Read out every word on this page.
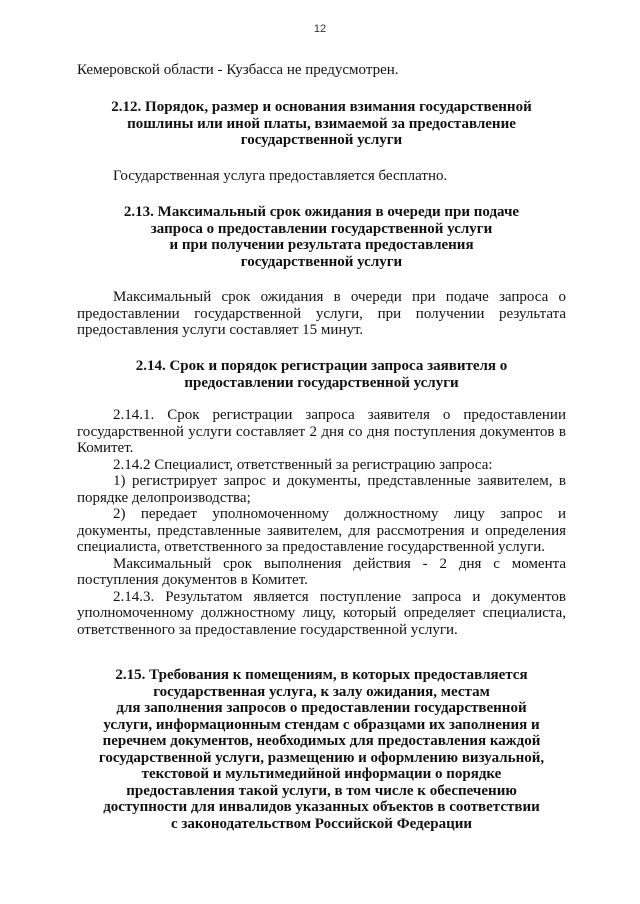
12
Кемеровской области - Кузбасса не предусмотрен.
2.12. Порядок, размер и основания взимания государственной
пошлины или иной платы, взимаемой за предоставление
государственной услуги
Государственная услуга предоставляется бесплатно.
2.13. Максимальный срок ожидания в очереди при подаче
запроса о предоставлении государственной услуги
и при получении результата предоставления
государственной услуги
Максимальный срок ожидания в очереди при подаче запроса о
предоставлении государственной услуги, при получении результата
предоставления услуги составляет 15 минут.
2.14. Срок и порядок регистрации запроса заявителя о
предоставлении государственной услуги
2.14.1. Срок регистрации запроса заявителя о предоставлении
государственной услуги составляет 2 дня со дня поступления документов в
Комитет.
2.14.2 Специалист, ответственный за регистрацию запроса:
1) регистрирует запрос и документы, представленные заявителем, в
порядке делопроизводства;
2) передает уполномоченному должностному лицу запрос и
документы, представленные заявителем, для рассмотрения и определения
специалиста, ответственного за предоставление государственной услуги.
Максимальный срок выполнения действия - 2 дня с момента
поступления документов в Комитет.
2.14.3. Результатом является поступление запроса и документов
уполномоченному должностному лицу, который определяет специалиста,
ответственного за предоставление государственной услуги.
2.15. Требования к помещениям, в которых предоставляется
государственная услуга, к залу ожидания, местам
для заполнения запросов о предоставлении государственной
услуги, информационным стендам с образцами их заполнения и
перечнем документов, необходимых для предоставления каждой
государственной услуги, размещению и оформлению визуальной,
текстовой и мультимедийной информации о порядке
предоставления такой услуги, в том числе к обеспечению
доступности для инвалидов указанных объектов в соответствии
с законодательством Российской Федерации
